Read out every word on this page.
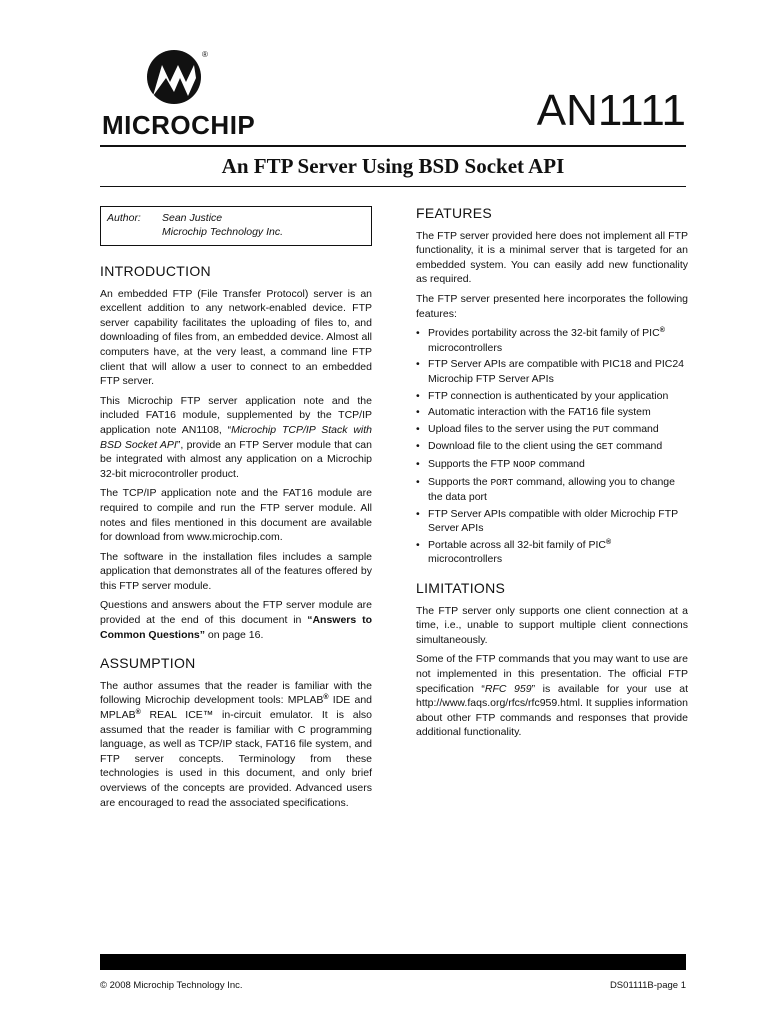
®
MICROCHIP	AN1111
An FTP Server Using BSD Socket API
Author: Sean Justice
Microchip Technology Inc.
INTRODUCTION

An embedded FTP (File Transfer Protocol) server is an excellent addition to any network-enabled device. FTP server capability facilitates the uploading of files to, and downloading of files from, an embedded device. Almost all computers have, at the very least, a command line FTP client that will allow a user to connect to an embedded FTP server.

This Microchip FTP server application note and the included FAT16 module, supplemented by the TCP/IP application note AN1108, “Microchip TCP/IP Stack with BSD Socket API”, provide an FTP Server module that can be integrated with almost any application on a Microchip 32-bit microcontroller product.

The TCP/IP application note and the FAT16 module are required to compile and run the FTP server module. All notes and files mentioned in this document are available for download from www.microchip.com.

The software in the installation files includes a sample application that demonstrates all of the features offered by this FTP server module.

Questions and answers about the FTP server module are provided at the end of this document in “Answers to Common Questions” on page 16.

ASSUMPTION

The author assumes that the reader is familiar with the following Microchip development tools: MPLAB® IDE and MPLAB® REAL ICE™ in-circuit emulator. It is also assumed that the reader is familiar with C programming language, as well as TCP/IP stack, FAT16 file system, and FTP server concepts. Terminology from these technologies is used in this document, and only brief overviews of the concepts are provided. Advanced users are encouraged to read the associated specifications.

FEATURES

The FTP server provided here does not implement all FTP functionality, it is a minimal server that is targeted for an embedded system. You can easily add new functionality as required.

The FTP server presented here incorporates the following features:

• Provides portability across the 32-bit family of PIC® microcontrollers
• FTP Server APIs are compatible with PIC18 and PIC24 Microchip FTP Server APIs
• FTP connection is authenticated by your application
• Automatic interaction with the FAT16 file system
• Upload files to the server using the PUT command
• Download file to the client using the GET command
• Supports the FTP NOOP command
• Supports the PORT command, allowing you to change the data port
• FTP Server APIs compatible with older Microchip FTP Server APIs
• Portable across all 32-bit family of PIC® microcontrollers
LIMITATIONS

The FTP server only supports one client connection at a time, i.e., unable to support multiple client connections simultaneously.

Some of the FTP commands that you may want to use are not implemented in this presentation. The official FTP specification “RFC 959” is available for your use at http://www.faqs.org/rfcs/rfc959.html. It supplies information about other FTP commands and responses that provide additional functionality.

© 2008 Microchip Technology Inc.	DS01111B-page 1
